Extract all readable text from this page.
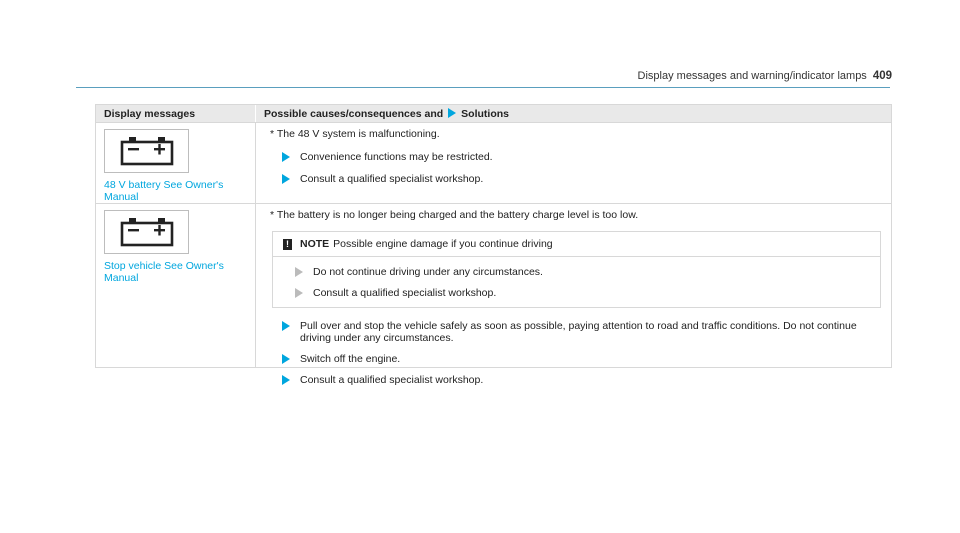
Display messages and warning/indicator lamps 409
Display messages	Possible causes/consequences and Solutions
48 V battery See Owner's Manual
* The 48 V system is malfunctioning.
Convenience functions may be restricted.
Consult a qualified specialist workshop.
Stop vehicle See Owner's Manual
* The battery is no longer being charged and the battery charge level is too low.
! NOTE Possible engine damage if you continue driving
Do not continue driving under any circumstances.
Consult a qualified specialist workshop.
Pull over and stop the vehicle safely as soon as possible, paying attention to road and traffic conditions. Do not continue driving under any circumstances.
Switch off the engine.
Consult a qualified specialist workshop.
